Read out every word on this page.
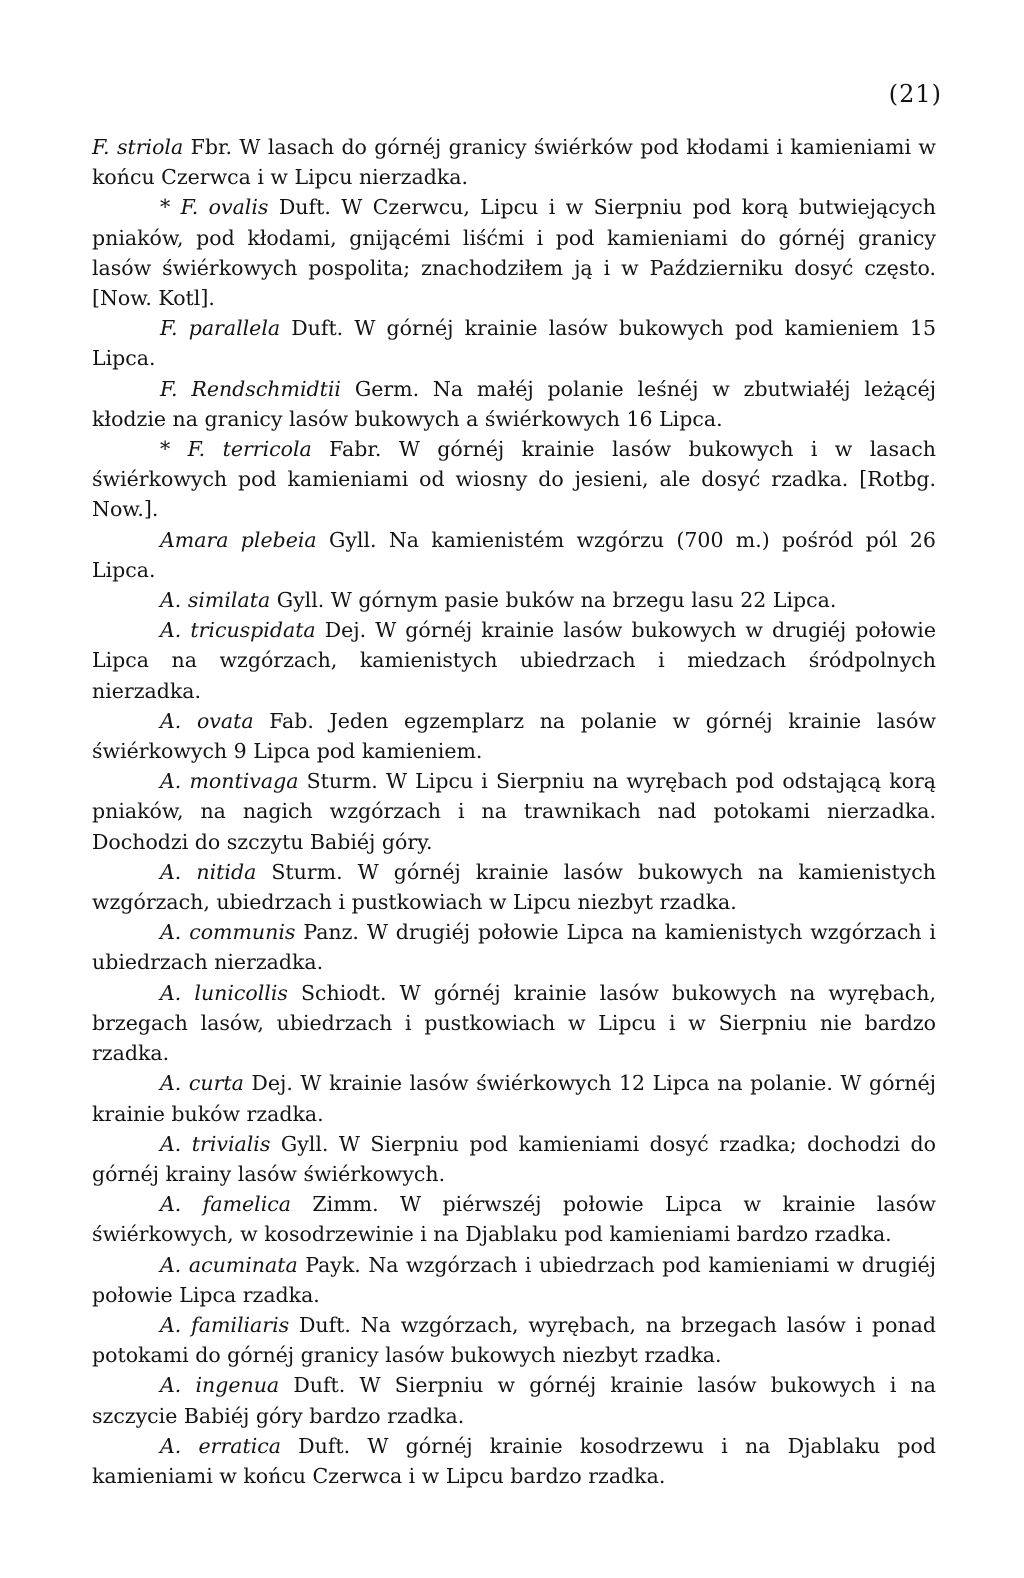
(21)

F. striola Fbr. W lasach do górnéj granicy świérków pod kłodami i kamieniami w końcu Czerwca i w Lipcu nierzadka.

* F. ovalis Duft. W Czerwcu, Lipcu i w Sierpniu pod korą butwiejących pniaków, pod kłodami, gnijącémi liśćmi i pod kamieniami do górnéj granicy lasów świérkowych pospolita; znachodziłem ją i w Październiku dosyć często. [Now. Kotl].

F. parallela Duft. W górnéj krainie lasów bukowych pod kamieniem 15 Lipca.

F. Rendschmidtii Germ. Na małéj polanie leśnéj w zbutwiałéj leżącéj kłodzie na granicy lasów bukowych a świérkowych 16 Lipca.

* F. terricola Fabr. W górnéj krainie lasów bukowych i w lasach świérkowych pod kamieniami od wiosny do jesieni, ale dosyć rzadka. [Rotbg. Now.].

Amara plebeia Gyll. Na kamienistém wzgórzu (700 m.) pośród pól 26 Lipca.

A. similata Gyll. W górnym pasie buków na brzegu lasu 22 Lipca.

A. tricuspidata Dej. W górnéj krainie lasów bukowych w drugiéj połowie Lipca na wzgórzach, kamienistych ubiedrzach i miedzach śródpolnych nierzadka.

A. ovata Fab. Jeden egzemplarz na polanie w górnéj krainie lasów świérkowych 9 Lipca pod kamieniem.

A. montivaga Sturm. W Lipcu i Sierpniu na wyrębach pod odstającą korą pniaków, na nagich wzgórzach i na trawnikach nad potokami nierzadka. Dochodzi do szczytu Babiéj góry.

A. nitida Sturm. W górnéj krainie lasów bukowych na kamienistych wzgórzach, ubiedrzach i pustkowiach w Lipcu niezbyt rzadka.

A. communis Panz. W drugiéj połowie Lipca na kamienistych wzgórzach i ubiedrzach nierzadka.

A. lunicollis Schiodt. W górnéj krainie lasów bukowych na wyrębach, brzegach lasów, ubiedrzach i pustkowiach w Lipcu i w Sierpniu nie bardzo rzadka.

A. curta Dej. W krainie lasów świérkowych 12 Lipca na polanie. W górnéj krainie buków rzadka.

A. trivialis Gyll. W Sierpniu pod kamieniami dosyć rzadka; dochodzi do górnéj krainy lasów świérkowych.

A. famelica Zimm. W piérwszéj połowie Lipca w krainie lasów świérkowych, w kosodrzewinie i na Djablaku pod kamieniami bardzo rzadka.

A. acuminata Payk. Na wzgórzach i ubiedrzach pod kamieniami w drugiéj połowie Lipca rzadka.

A. familiaris Duft. Na wzgórzach, wyrębach, na brzegach lasów i ponad potokami do górnéj granicy lasów bukowych niezbyt rzadka.

A. ingenua Duft. W Sierpniu w górnéj krainie lasów bukowych i na szczycie Babiéj góry bardzo rzadka.

A. erratica Duft. W górnéj krainie kosodrzewu i na Djablaku pod kamieniami w końcu Czerwca i w Lipcu bardzo rzadka.
